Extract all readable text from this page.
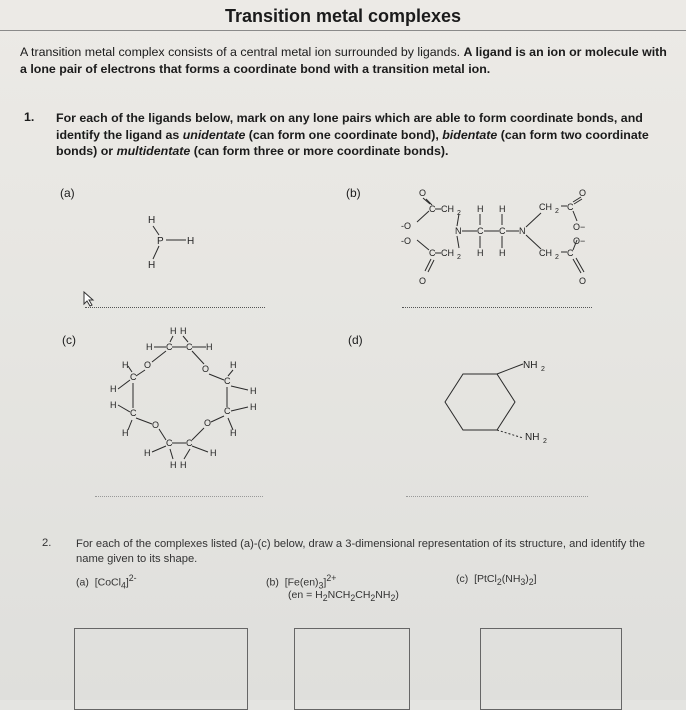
Transition metal complexes
A transition metal complex consists of a central metal ion surrounded by ligands. A ligand is an ion or molecule with a lone pair of electrons that forms a coordinate bond with a transition metal ion.
1. For each of the ligands below, mark on any lone pairs which are able to form coordinate bonds, and identify the ligand as unidentate (can form one coordinate bond), bidentate (can form two coordinate bonds) or multidentate (can form three or more coordinate bonds).
(a)	(b)
(c)	(d)
H
P H
H
O
C CH 2 H H	CH 2 C
O
-O	N C C N
-O
C CH 2 H H	CH 2 C
O	O
O−
O−
H H
H C C H
H O	O H
C	C
H	H
H	H
C	C
O	O
H	H
C C
H	H
H H
NH 2
NH 2
2. For each of the complexes listed (a)-(c) below, draw a 3-dimensional representation of its structure, and identify the name given to its shape.
(a) [CoCl$_4$]$^{2-}$	(b) $[Fe(en)_3]^{2+}$
$(en = H_2NCH_2CH_2NH_2)$
(c) $[PtCl_2(NH_3)_2]$
